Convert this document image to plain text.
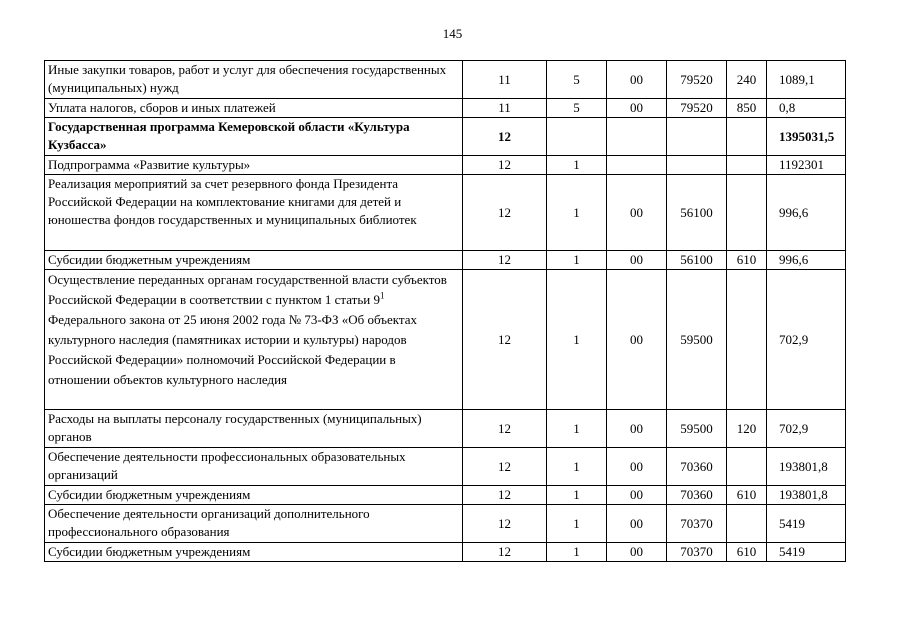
145
Иные закупки товаров, работ и услуг для обеспечения государственных (муниципальных) нужд	11	5	00	79520	240	1089,1
Уплата налогов, сборов и иных платежей	11	5	00	79520	850	0,8
Государственная программа Кемеровской области «Культура Кузбасса»	12					1395031,5
Подпрограмма «Развитие культуры»	12	1				1192301
Реализация мероприятий за счет резервного фонда Президента Российской Федерации на комплектование книгами для детей и юношества фондов государственных и муниципальных библиотек	12	1	00	56100		996,6
Субсидии бюджетным учреждениям	12	1	00	56100	610	996,6
Осуществление переданных органам государственной власти субъектов Российской Федерации в соответствии с пунктом 1 статьи $9^1$ Федерального закона от 25 июня 2002 года № 73-ФЗ «Об объектах культурного наследия (памятниках истории и культуры) народов Российской Федерации» полномочий Российской Федерации в отношении объектов культурного наследия	12	1	00	59500		702,9
Расходы на выплаты персоналу государственных (муниципальных) органов	12	1	00	59500	120	702,9
Обеспечение деятельности профессиональных образовательных организаций	12	1	00	70360		193801,8
Субсидии бюджетным учреждениям	12	1	00	70360	610	193801,8
Обеспечение деятельности организаций дополнительного профессионального образования	12	1	00	70370		5419
Субсидии бюджетным учреждениям	12	1	00	70370	610	5419
